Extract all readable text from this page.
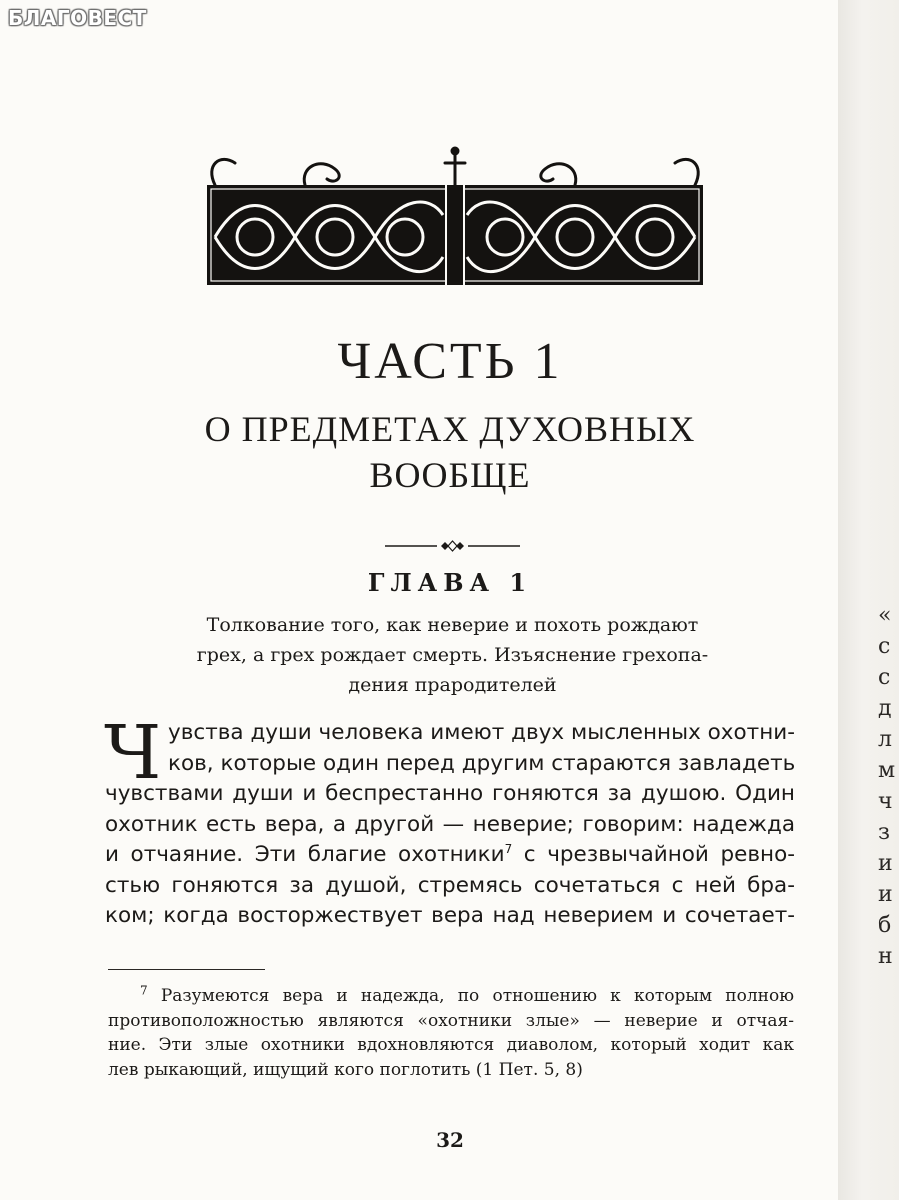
«
с
с
д
л
м
ч
з
и
и
б
н
БЛАГОВЕСТ
ЧАСТЬ 1
О ПРЕДМЕТАХ ДУХОВНЫХ
ВООБЩЕ
ГЛАВА 1

Толкование того, как неверие и похоть рождают
грех, а грех рождает смерть. Изъяснение грехопа-
дения прародителей

Ч увства души человека имеют двух мысленных охотни-
ков, которые один перед другим стараются завладеть
чувствами души и беспрестанно гоняются за душою. Один
охотник есть вера, а другой — неверие; говорим: надежда
и отчаяние. Эти благие охотники$^7$ с чрезвычайной ревно-
стью гоняются за душой, стремясь сочетаться с ней бра-
ком; когда восторжествует вера над неверием и сочетает-
$^7$ Разумеются вера и надежда, по отношению к которым полною
противоположностью являются «охотники злые» — неверие и отчая-
ние. Эти злые охотники вдохновляются диаволом, который ходит как
лев рыкающий, ищущий кого поглотить (1 Пет. 5, 8)

32
